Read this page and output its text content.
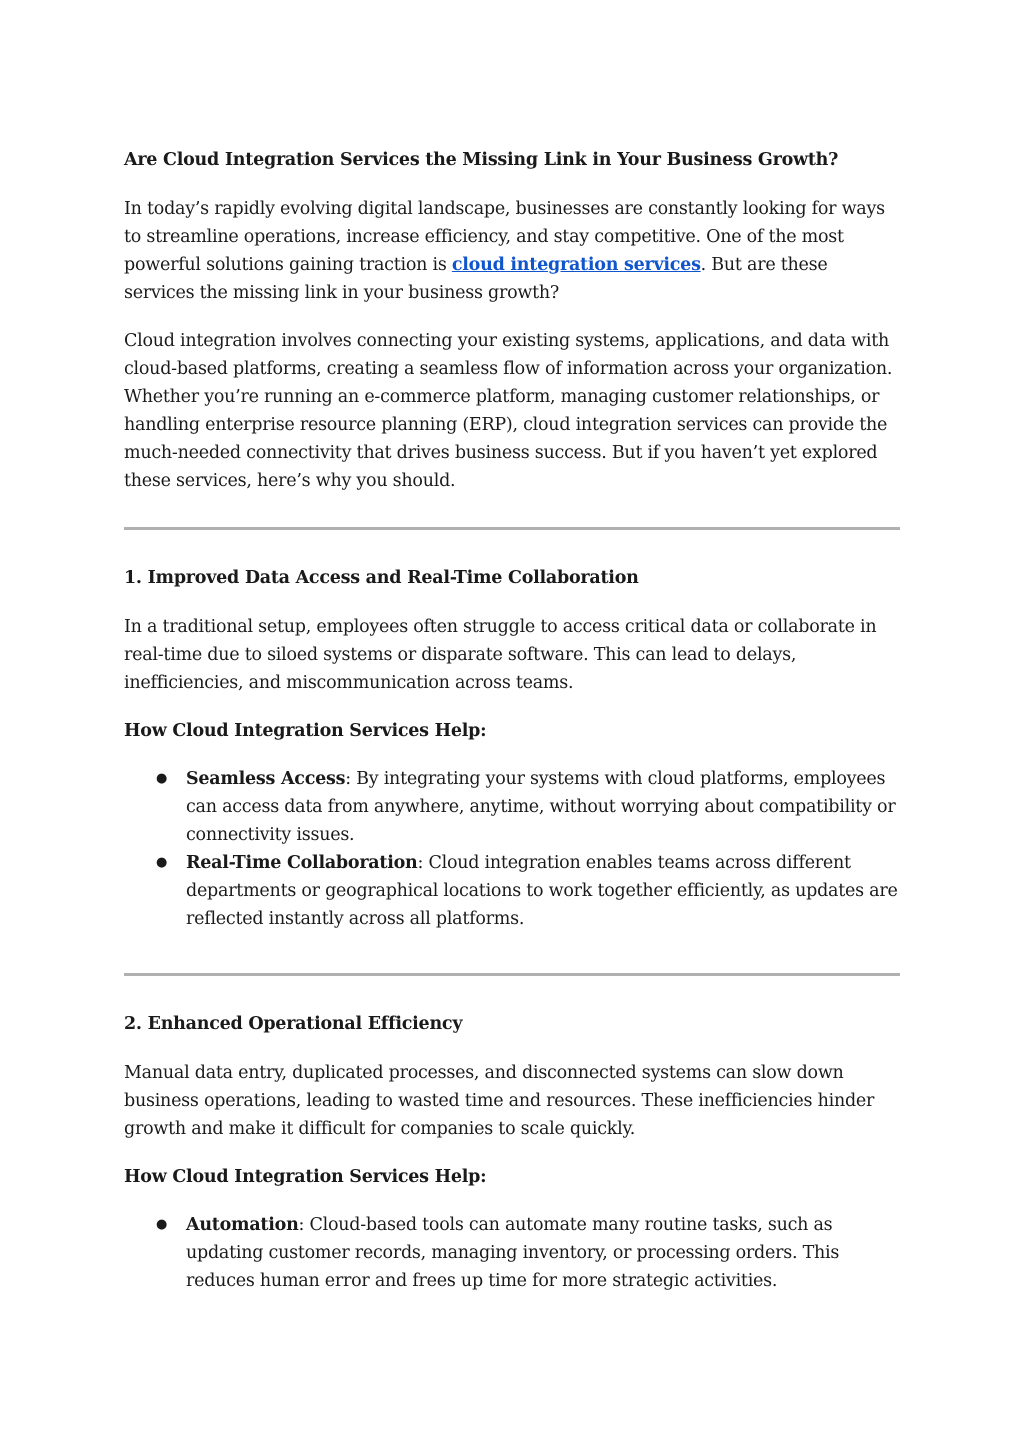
Are Cloud Integration Services the Missing Link in Your Business Growth?

In today’s rapidly evolving digital landscape, businesses are constantly looking for ways to streamline operations, increase efficiency, and stay competitive. One of the most powerful solutions gaining traction is cloud integration services. But are these services the missing link in your business growth?

Cloud integration involves connecting your existing systems, applications, and data with cloud-based platforms, creating a seamless flow of information across your organization. Whether you’re running an e-commerce platform, managing customer relationships, or handling enterprise resource planning (ERP), cloud integration services can provide the much-needed connectivity that drives business success. But if you haven’t yet explored these services, here’s why you should.

1. Improved Data Access and Real-Time Collaboration

In a traditional setup, employees often struggle to access critical data or collaborate in real-time due to siloed systems or disparate software. This can lead to delays, inefficiencies, and miscommunication across teams.

How Cloud Integration Services Help:
● Seamless Access: By integrating your systems with cloud platforms, employees can access data from anywhere, anytime, without worrying about compatibility or connectivity issues.
● Real-Time Collaboration: Cloud integration enables teams across different departments or geographical locations to work together efficiently, as updates are reflected instantly across all platforms.
2. Enhanced Operational Efficiency

Manual data entry, duplicated processes, and disconnected systems can slow down business operations, leading to wasted time and resources. These inefficiencies hinder growth and make it difficult for companies to scale quickly.

How Cloud Integration Services Help:
● Automation: Cloud-based tools can automate many routine tasks, such as updating customer records, managing inventory, or processing orders. This reduces human error and frees up time for more strategic activities.
